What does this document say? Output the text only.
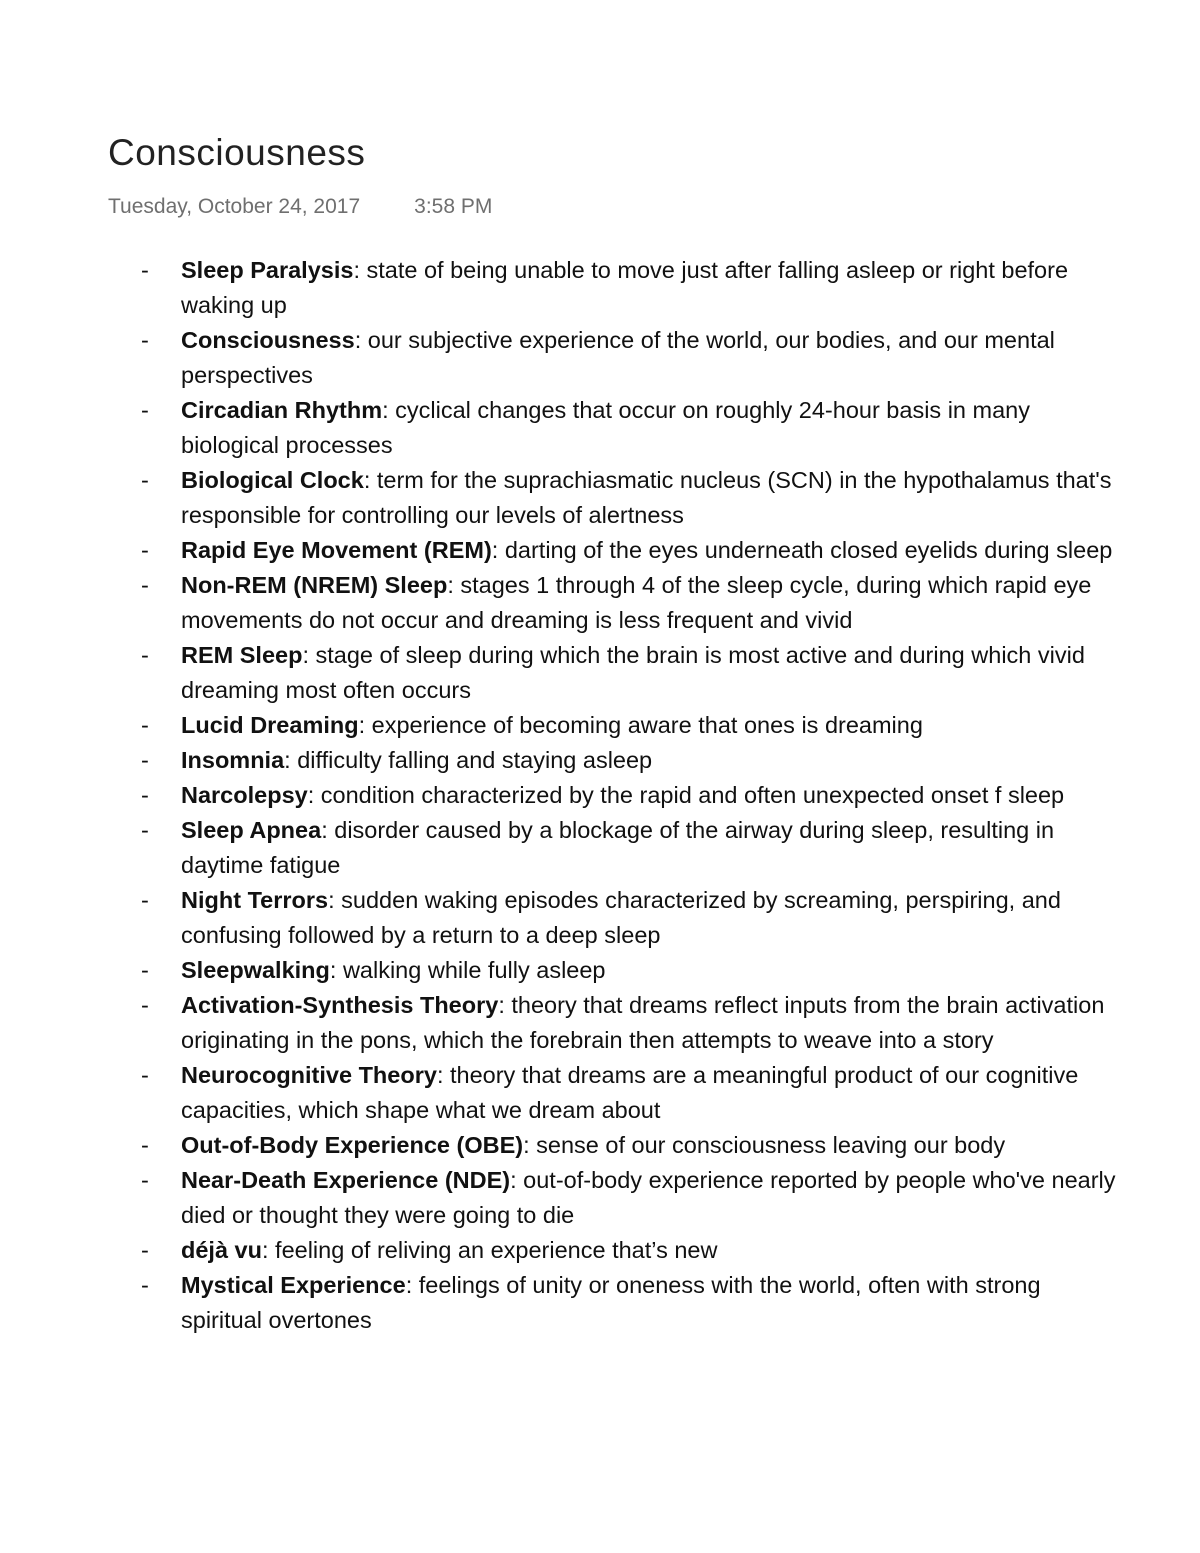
Consciousness
Tuesday, October 24, 2017	3:58 PM
- Sleep Paralysis: state of being unable to move just after falling asleep or right before waking up
- Consciousness: our subjective experience of the world, our bodies, and our mental perspectives
- Circadian Rhythm: cyclical changes that occur on roughly 24-hour basis in many biological processes
- Biological Clock: term for the suprachiasmatic nucleus (SCN) in the hypothalamus that's responsible for controlling our levels of alertness
- Rapid Eye Movement (REM): darting of the eyes underneath closed eyelids during sleep
- Non-REM (NREM) Sleep: stages 1 through 4 of the sleep cycle, during which rapid eye movements do not occur and dreaming is less frequent and vivid
- REM Sleep: stage of sleep during which the brain is most active and during which vivid dreaming most often occurs
- Lucid Dreaming: experience of becoming aware that ones is dreaming
- Insomnia: difficulty falling and staying asleep
- Narcolepsy: condition characterized by the rapid and often unexpected onset f sleep
- Sleep Apnea: disorder caused by a blockage of the airway during sleep, resulting in daytime fatigue
- Night Terrors: sudden waking episodes characterized by screaming, perspiring, and confusing followed by a return to a deep sleep
- Sleepwalking: walking while fully asleep
- Activation-Synthesis Theory: theory that dreams reflect inputs from the brain activation originating in the pons, which the forebrain then attempts to weave into a story
- Neurocognitive Theory: theory that dreams are a meaningful product of our cognitive capacities, which shape what we dream about
- Out-of-Body Experience (OBE): sense of our consciousness leaving our body
- Near-Death Experience (NDE): out-of-body experience reported by people who've nearly died or thought they were going to die
- déjà vu: feeling of reliving an experience that’s new
- Mystical Experience: feelings of unity or oneness with the world, often with strong spiritual overtones
